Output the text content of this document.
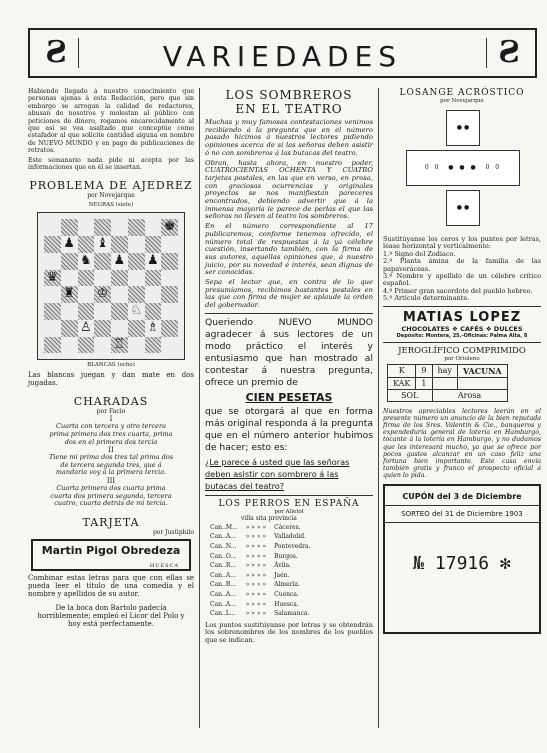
Ƨ	VARIEDADES	Ƨ
Habiendo llegado á nuestro conocimiento que personas ajenas á esta Redacción, pero que sin embargo se arrogan la calidad de redactores, abusan de nosotros y molestan al público con peticiones de dinero, rogamos encarecidamente al que así se vea asaltado que conceptúe como estafador al que solicite cantidad alguna en nombre de NUEVO MUNDO y en pago de publicaciones de retratos.
Este semanario nada pide ni acepta por las informaciones que en él se insertan.
PROBLEMA DE AJEDREZ
por Novejarque
NEGRAS (siete)
♚
♟ ♝
♞ ♟ ♟
♛
♜ ♔
♘
♙	♗
♖
BLANCAS (ocho)
Las blancas juegan y dan mate en dos jugadas.
CHARADAS
por Facio
I
Cuarta con tercera y otro tercera prima primera dos tres cuarta, prima dos en el primera dos tercia
II
Tiene mi prima dos tres tal prima dos de tercera segunda tres, que á mandaria voy á la primera tercia.
III
Cuarta primera dos cuarta prima cuarta dos primera segunda, tercera cuatro, cuarta detrás de mi tercia.
TARJETA
por Justiphilo
Martin Pigol Obredeza
HUESCA
Combinar estas letras para que con ellas se pueda leer el título de una comedia y el nombre y apellidos de su autor.
De la boca don Bartolo padecía horriblemente; empleó el Licor del Polo y hoy está perfectamente.
LOS SOMBREROS
EN EL TEATRO
Muchas y muy famosas contestaciones venimos recibiendo á la pregunta que en el número pasado hicimos á nuestros lectores pidiendo opiniones acerca de si las señoras deben asistir ó no con sombreros á las butacas del teatro.
Obran, hasta ahora, en nuestro poder, CUATROCIENTAS OCHENTA Y CUATRO tarjetas postales, en las que en verso, en prosa, con graciosas ocurrencias y originales proyectos se nos manifiestan pareceres encontrados, debiendo advertir que á la inmensa mayoría le parece de perlas el que las señoras no lleven al teatro los sombreros.
En el número correspondiente al 17 publicaremos, conforme tenemos ofrecido, el número total de respuestas á la yá célebre cuestión, insertando también, con la firma de sus autores, aquellas opiniones que, á nuestro juicio, por su novedad é interés, sean dignas de ser conocidas.
Sepa el lector que, en contra de lo que presumíamos, recibimos bastantes postales en las que con firma de mujer se aplaude la orden del gobernador.
Queriendo NUEVO MUNDO agradecer á sus lectores de un modo práctico el interés y entusiasmo que han mostrado al contestar á nuestra pregunta, ofrece un premio de
CIEN PESETAS
que se otorgará al que en forma más original responda á la pregunta que en el número anterior hubimos de hacer; esto es:
¿Le parece á usted que las señoras deben asistir con sombrero á las butacas del teatro?
LOS PERROS EN ESPAÑA
por Alletol
villa sita provincia
Can..M...	» » » »	Cáceres.
Can..A...	» » » »	Valladolid.
Can..N...	» » » »	Pontevedra.
Can..O...	» » » »	Burgos.
Can..R...	» » » »	Ávila.
Can..A...	» » » »	Jaén.
Can..B...	» » » »	Almería.
Can..A...	» » » »	Cuenca.
Can..A...	» » » »	Huesca.
Can..L...	» » » »	Salamanca.
Los puntos sustitúyanse por letras y se obtendrán los sobrenombres de los nombres de los pueblos que se indican.
LOSANGE ACRÓSTICO
por Novejarque
● ●
0 0  ● ● ●  0 0
● ●
Sustitúyanse los ceros y los puntos por letras, léase horizontal y verticalmente:
1.º Signo del Zodiaco.
2.º Planta ámina de la familia de las papaveráceas.
3.º Nombre y apellido de un célebre crítico español.
4.º Primer gran sacerdote del pueblo hebreo.
5.º Artículo determinante.
MATIAS LOPEZ
CHOCOLATES ❖ CAFÉS ❖ DULCES
Depósito: Montera, 25.-Oficinas: Palma Alta, 8
JEROGLÍFICO COMPRIMIDO
por Orioleno
K	9	hay	VACUNA
KAK	1		
SOL		Arosa	
Nuestros apreciables lectores leerán en el presente número un anuncio de la bien reputada firma de los Sres. Valentín & Cie., banqueros y expendeduría general de lotería en Hamburgo, tocante á la lotería en Hamburgo, y no dudamos que les interesará mucho, ya que se ofrece por pocos gastos alcanzar en un caso feliz una fortuna bien importante. Este casa envía también gratis y franco el prospecto oficial á quien lo pida.
CUPÓN del 3 de Diciembre
SORTEO del 31 de Diciembre 1903
№ 17916 ✻
